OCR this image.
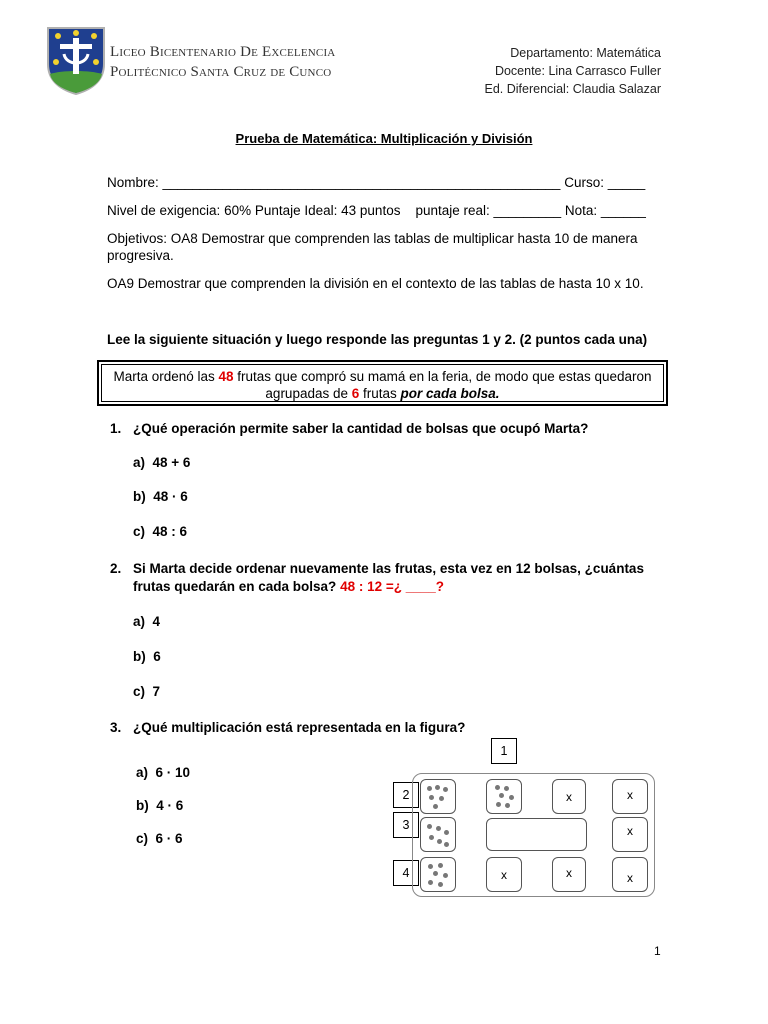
Liceo Bicentenario De Excelencia
Politécnico Santa Cruz de Cunco
Departamento: Matemática
Docente: Lina Carrasco Fuller
Ed. Diferencial: Claudia Salazar
Prueba de Matemática: Multiplicación y División
Nombre: _____________________________________________________ Curso: _____
Nivel de exigencia: 60% Puntaje Ideal: 43 puntos    puntaje real: _________ Nota: ______
Objetivos: OA8 Demostrar que comprenden las tablas de multiplicar hasta 10 de manera progresiva.
OA9 Demostrar que comprenden la división en el contexto de las tablas de hasta 10 x 10.
Lee la siguiente situación y luego responde las preguntas 1 y 2. (2 puntos cada una)
Marta ordenó las 48 frutas que compró su mamá en la feria, de modo que estas quedaron agrupadas de 6 frutas por cada bolsa.
1. ¿Qué operación permite saber la cantidad de bolsas que ocupó Marta?
a) 48 + 6
b) 48 · 6
c) 48 : 6
2. Si Marta decide ordenar nuevamente las frutas, esta vez en 12 bolsas, ¿cuántas frutas quedarán en cada bolsa? 48 : 12 =¿ ____?
a) 4
b) 6
c) 7
3. ¿Qué multiplicación está representada en la figura?
a) 6 · 10
b) 4 · 6
c) 6 · 6
1
2
3
4
x	x
x
x	x	x
1
